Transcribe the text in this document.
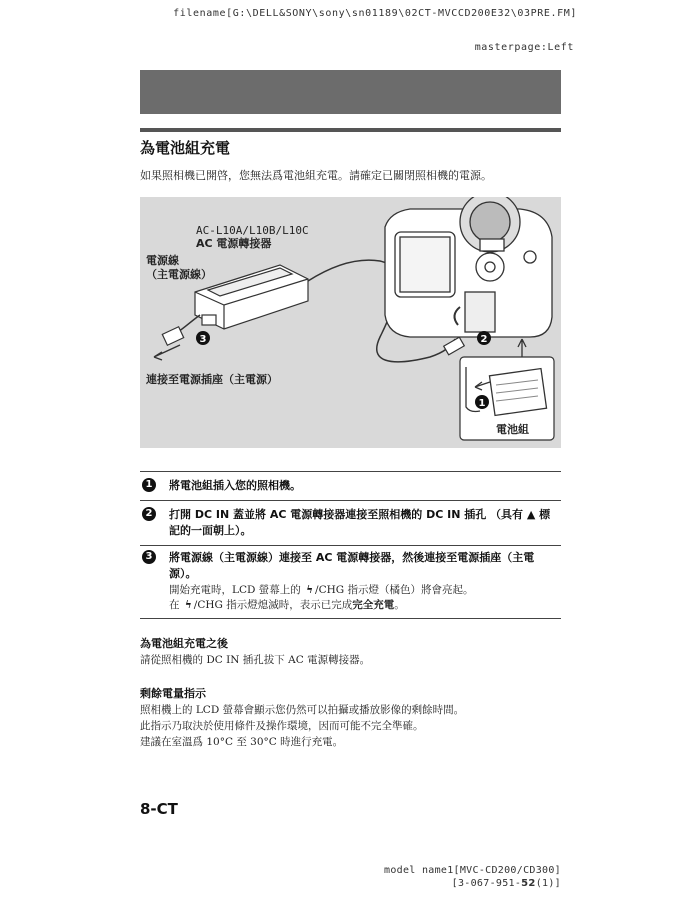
filename[G:\DELL&SONY\sony\sn01189\02CT-MVCCD200E32\03PRE.FM]
masterpage:Left
為電池組充電
如果照相機已開啓，您無法爲電池組充電。請確定已關閉照相機的電源。
3	2
1
AC-L10A/L10B/L10C
AC 電源轉接器
電源線
（主電源線）
連接至電源插座（主電源）
電池組
1	將電池組插入您的照相機。
2	打開 DC IN 蓋並將 AC 電源轉接器連接至照相機的 DC IN 插孔 （具有 ▲ 標記的一面朝上）。
3	將電源線（主電源線）連接至 AC 電源轉接器，然後連接至電源插座（主電源）。
開始充電時，LCD 螢幕上的 ϟ /CHG 指示燈（橘色）將會亮起。
在 ϟ /CHG 指示燈熄滅時，表示已完成完全充電。
為電池組充電之後
請從照相機的 DC IN 插孔拔下 AC 電源轉接器。
剩餘電量指示
照相機上的 LCD 螢幕會顯示您仍然可以拍攝或播放影像的剩餘時間。
此指示乃取決於使用條件及操作環境，因而可能不完全準確。
建議在室溫爲 10°C 至 30°C 時進行充電。
8-CT
model name1[MVC-CD200/CD300]
[3-067-951-52(1)]
